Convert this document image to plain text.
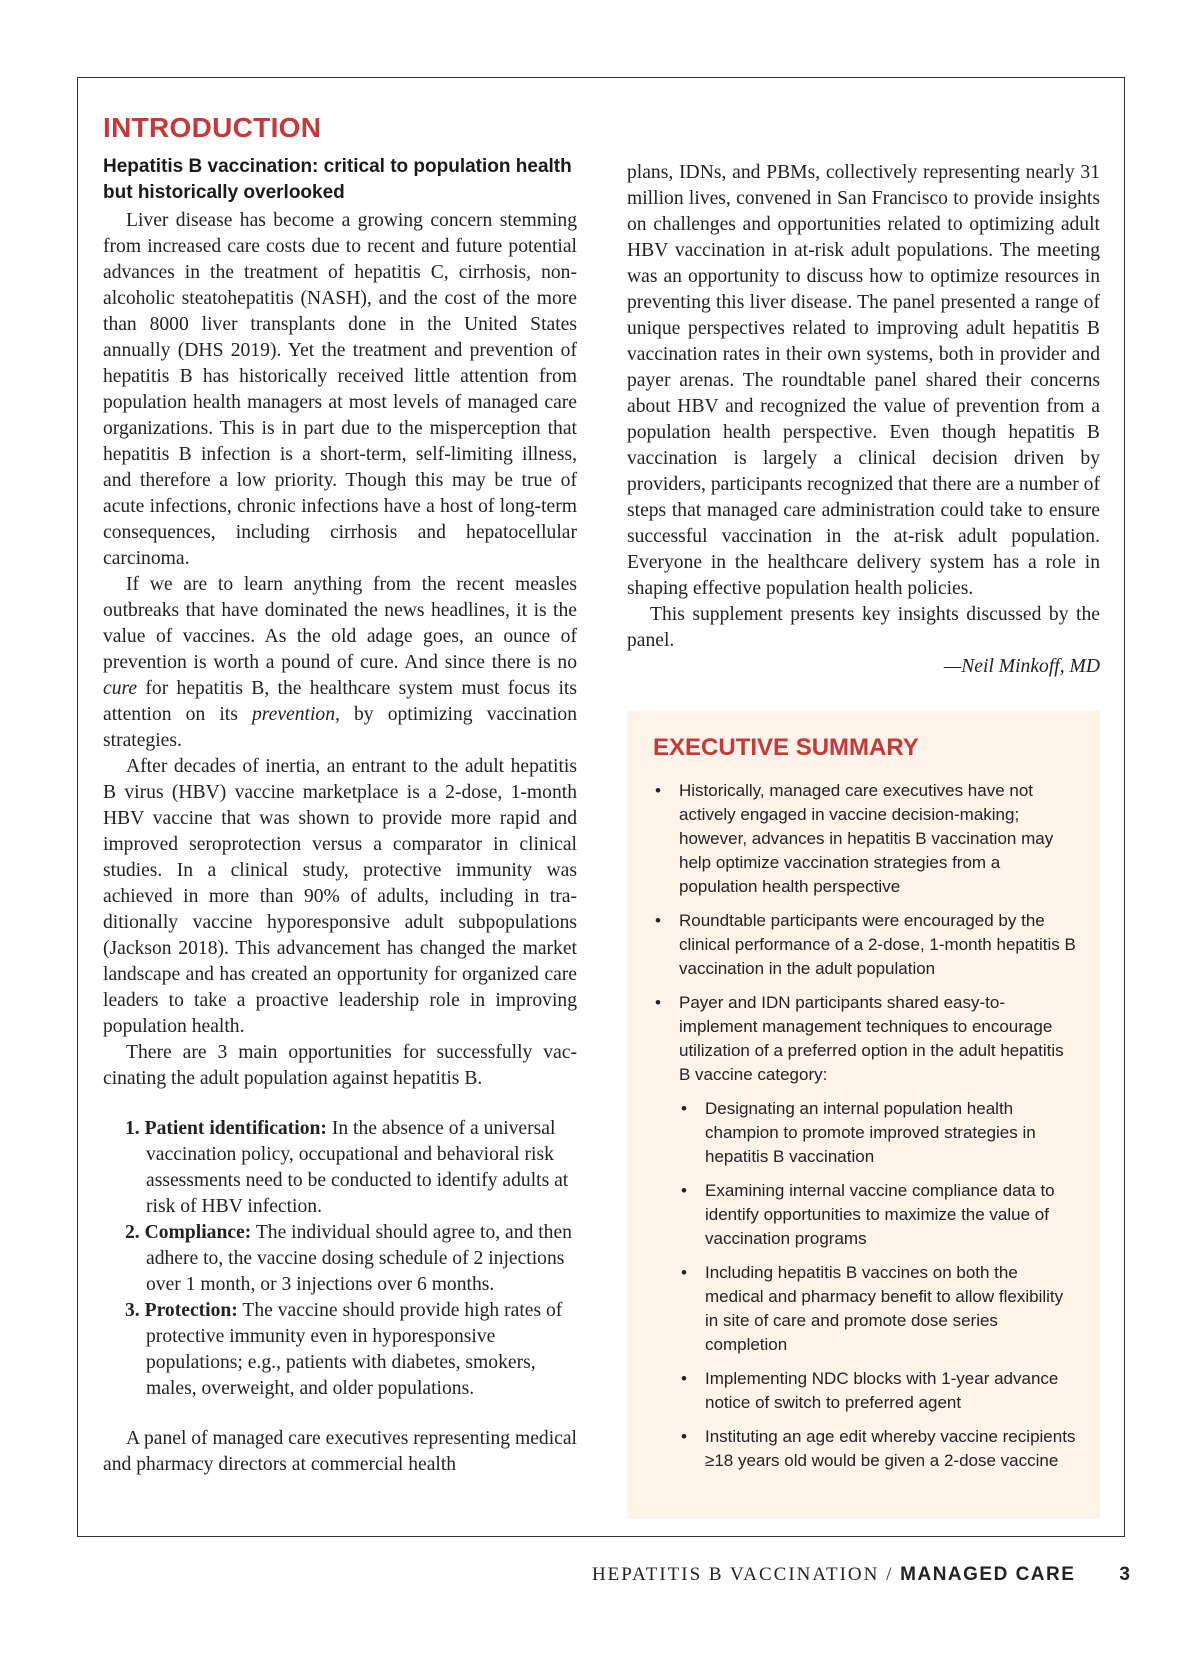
INTRODUCTION
Hepatitis B vaccination: critical to population health but historically overlooked

Liver disease has become a growing concern stemming from increased care costs due to recent and future potential advances in the treatment of hepatitis C, cirrhosis, non-alcoholic steatohepatitis (NASH), and the cost of the more than 8000 liver transplants done in the United States annually (DHS 2019). Yet the treatment and prevention of hepatitis B has historically received little attention from population health managers at most levels of managed care organizations. This is in part due to the misperception that hepatitis B infection is a short-term, self-limiting illness, and therefore a low priority. Though this may be true of acute infections, chronic infections have a host of long-term consequences, including cirrhosis and hepatocellular carcinoma.

If we are to learn anything from the recent measles outbreaks that have dominated the news headlines, it is the value of vaccines. As the old adage goes, an ounce of prevention is worth a pound of cure. And since there is no cure for hepatitis B, the healthcare system must focus its attention on its prevention, by optimizing vaccination strategies.

After decades of inertia, an entrant to the adult hepatitis B virus (HBV) vaccine marketplace is a 2-dose, 1-month HBV vaccine that was shown to provide more rapid and improved seroprotection versus a comparator in clinical studies. In a clinical study, protective immunity was achieved in more than 90% of adults, including in traditionally vaccine hyporesponsive adult subpopulations (Jackson 2018). This advancement has changed the market landscape and has created an opportunity for organized care leaders to take a proactive leadership role in improving population health.

There are 3 main opportunities for successfully vaccinating the adult population against hepatitis B.

1. Patient identification: In the absence of a universal vaccination policy, occupational and behavioral risk assessments need to be conducted to identify adults at risk of HBV infection.
2. Compliance: The individual should agree to, and then adhere to, the vaccine dosing schedule of 2 injections over 1 month, or 3 injections over 6 months.
3. Protection: The vaccine should provide high rates of protective immunity even in hyporesponsive populations; e.g., patients with diabetes, smokers, males, overweight, and older populations.

A panel of managed care executives representing medical and pharmacy directors at commercial health

plans, IDNs, and PBMs, collectively representing nearly 31 million lives, convened in San Francisco to provide insights on challenges and opportunities related to optimizing adult HBV vaccination in at-risk adult populations. The meeting was an opportunity to discuss how to optimize resources in preventing this liver disease. The panel presented a range of unique perspectives related to improving adult hepatitis B vaccination rates in their own systems, both in provider and payer arenas. The roundtable panel shared their concerns about HBV and recognized the value of prevention from a population health perspective. Even though hepatitis B vaccination is largely a clinical decision driven by providers, participants recognized that there are a number of steps that managed care administration could take to ensure successful vaccination in the at-risk adult population. Everyone in the healthcare delivery system has a role in shaping effective population health policies.

This supplement presents key insights discussed by the panel.

—Neil Minkoff, MD

EXECUTIVE SUMMARY
• Historically, managed care executives have not actively engaged in vaccine decision-making; however, advances in hepatitis B vaccination may help optimize vaccination strategies from a population health perspective
• Roundtable participants were encouraged by the clinical performance of a 2-dose, 1-month hepatitis B vaccination in the adult population
• Payer and IDN participants shared easy-to-implement management techniques to encourage utilization of a preferred option in the adult hepatitis B vaccine category:
• Designating an internal population health champion to promote improved strategies in hepatitis B vaccination
• Examining internal vaccine compliance data to identify opportunities to maximize the value of vaccination programs
• Including hepatitis B vaccines on both the medical and pharmacy benefit to allow flexibility in site of care and promote dose series completion
• Implementing NDC blocks with 1-year advance notice of switch to preferred agent
• Instituting an age edit whereby vaccine recipients ≥18 years old would be given a 2-dose vaccine
HEPATITIS B VACCINATION /
MANAGED CARE 3
